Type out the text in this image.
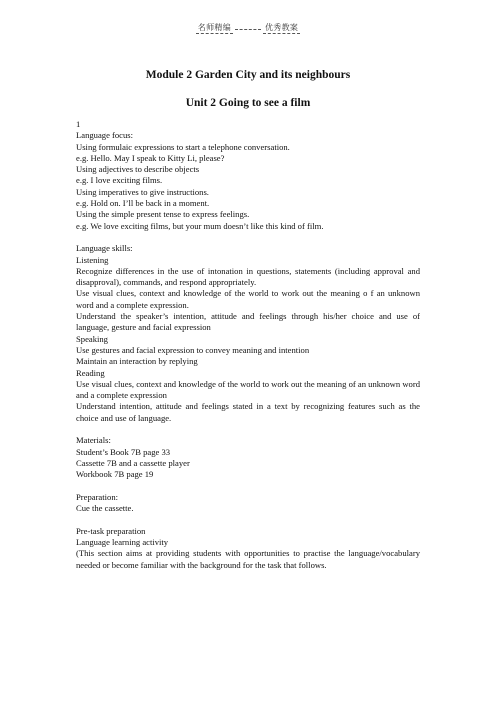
名师精编	优秀教案
Module 2 Garden City and its neighbours
Unit 2 Going to see a film

1

Language focus:

Using formulaic expressions to start a telephone conversation.

e.g. Hello. May I speak to Kitty Li, please?

Using adjectives to describe objects

e.g. I love exciting films.

Using imperatives to give instructions.

e.g. Hold on. I’ll be back in a moment.

Using the simple present tense to express feelings.

e.g. We love exciting films, but your mum doesn’t like this kind of film.

Language skills:

Listening

Recognize differences in the use of intonation in questions, statements (including approval and disapproval), commands, and respond appropriately.

Use visual clues, context and knowledge of the world to work out the meaning o f an unknown word and a complete expression.

Understand the speaker’s intention, attitude and feelings through his/her choice and use of language, gesture and facial expression

Speaking

Use gestures and facial expression to convey meaning and intention

Maintain an interaction by replying

Reading

Use visual clues, context and knowledge of the world to work out the meaning of an unknown word and a complete expression

Understand intention, attitude and feelings stated in a text by recognizing features such as the choice and use of language.

Materials:

Student’s Book 7B page 33

Cassette 7B and a cassette player

Workbook 7B page 19

Preparation:

Cue the cassette.

Pre-task preparation

Language learning activity

(This section aims at providing students with opportunities to practise the language/vocabulary needed or become familiar with the background for the task that follows.
